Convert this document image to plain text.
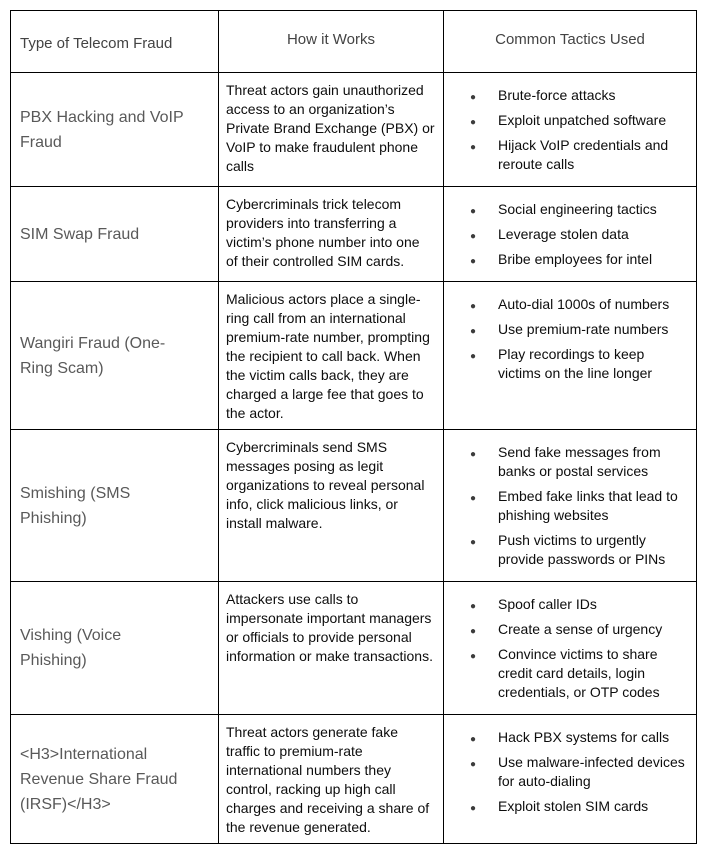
Type of Telecom Fraud	How it Works	Common Tactics Used
PBX Hacking and VoIP Fraud	Threat actors gain unauthorized access to an organization’s Private Brand Exchange (PBX) or VoIP to make fraudulent phone calls	
● Brute-force attacks
● Exploit unpatched software
● Hijack VoIP credentials and reroute calls

SIM Swap Fraud	Cybercriminals trick telecom providers into transferring a victim’s phone number into one of their controlled SIM cards.	
● Social engineering tactics
● Leverage stolen data
● Bribe employees for intel

Wangiri Fraud (One-Ring Scam)	Malicious actors place a single-ring call from an international premium-rate number, prompting the recipient to call back. When the victim calls back, they are charged a large fee that goes to the actor.	
● Auto-dial 1000s of numbers
● Use premium-rate numbers
● Play recordings to keep victims on the line longer

Smishing (SMS Phishing)	Cybercriminals send SMS messages posing as legit organizations to reveal personal info, click malicious links, or install malware.	
● Send fake messages from banks or postal services
● Embed fake links that lead to phishing websites
● Push victims to urgently provide passwords or PINs

Vishing (Voice Phishing)	Attackers use calls to impersonate important managers or officials to provide personal information or make transactions.	
● Spoof caller IDs
● Create a sense of urgency
● Convince victims to share credit card details, login credentials, or OTP codes

<H3>International Revenue Share Fraud (IRSF)</H3>	Threat actors generate fake traffic to premium-rate international numbers they control, racking up high call charges and receiving a share of the revenue generated.	
● Hack PBX systems for calls
● Use malware-infected devices for auto-dialing
● Exploit stolen SIM cards
